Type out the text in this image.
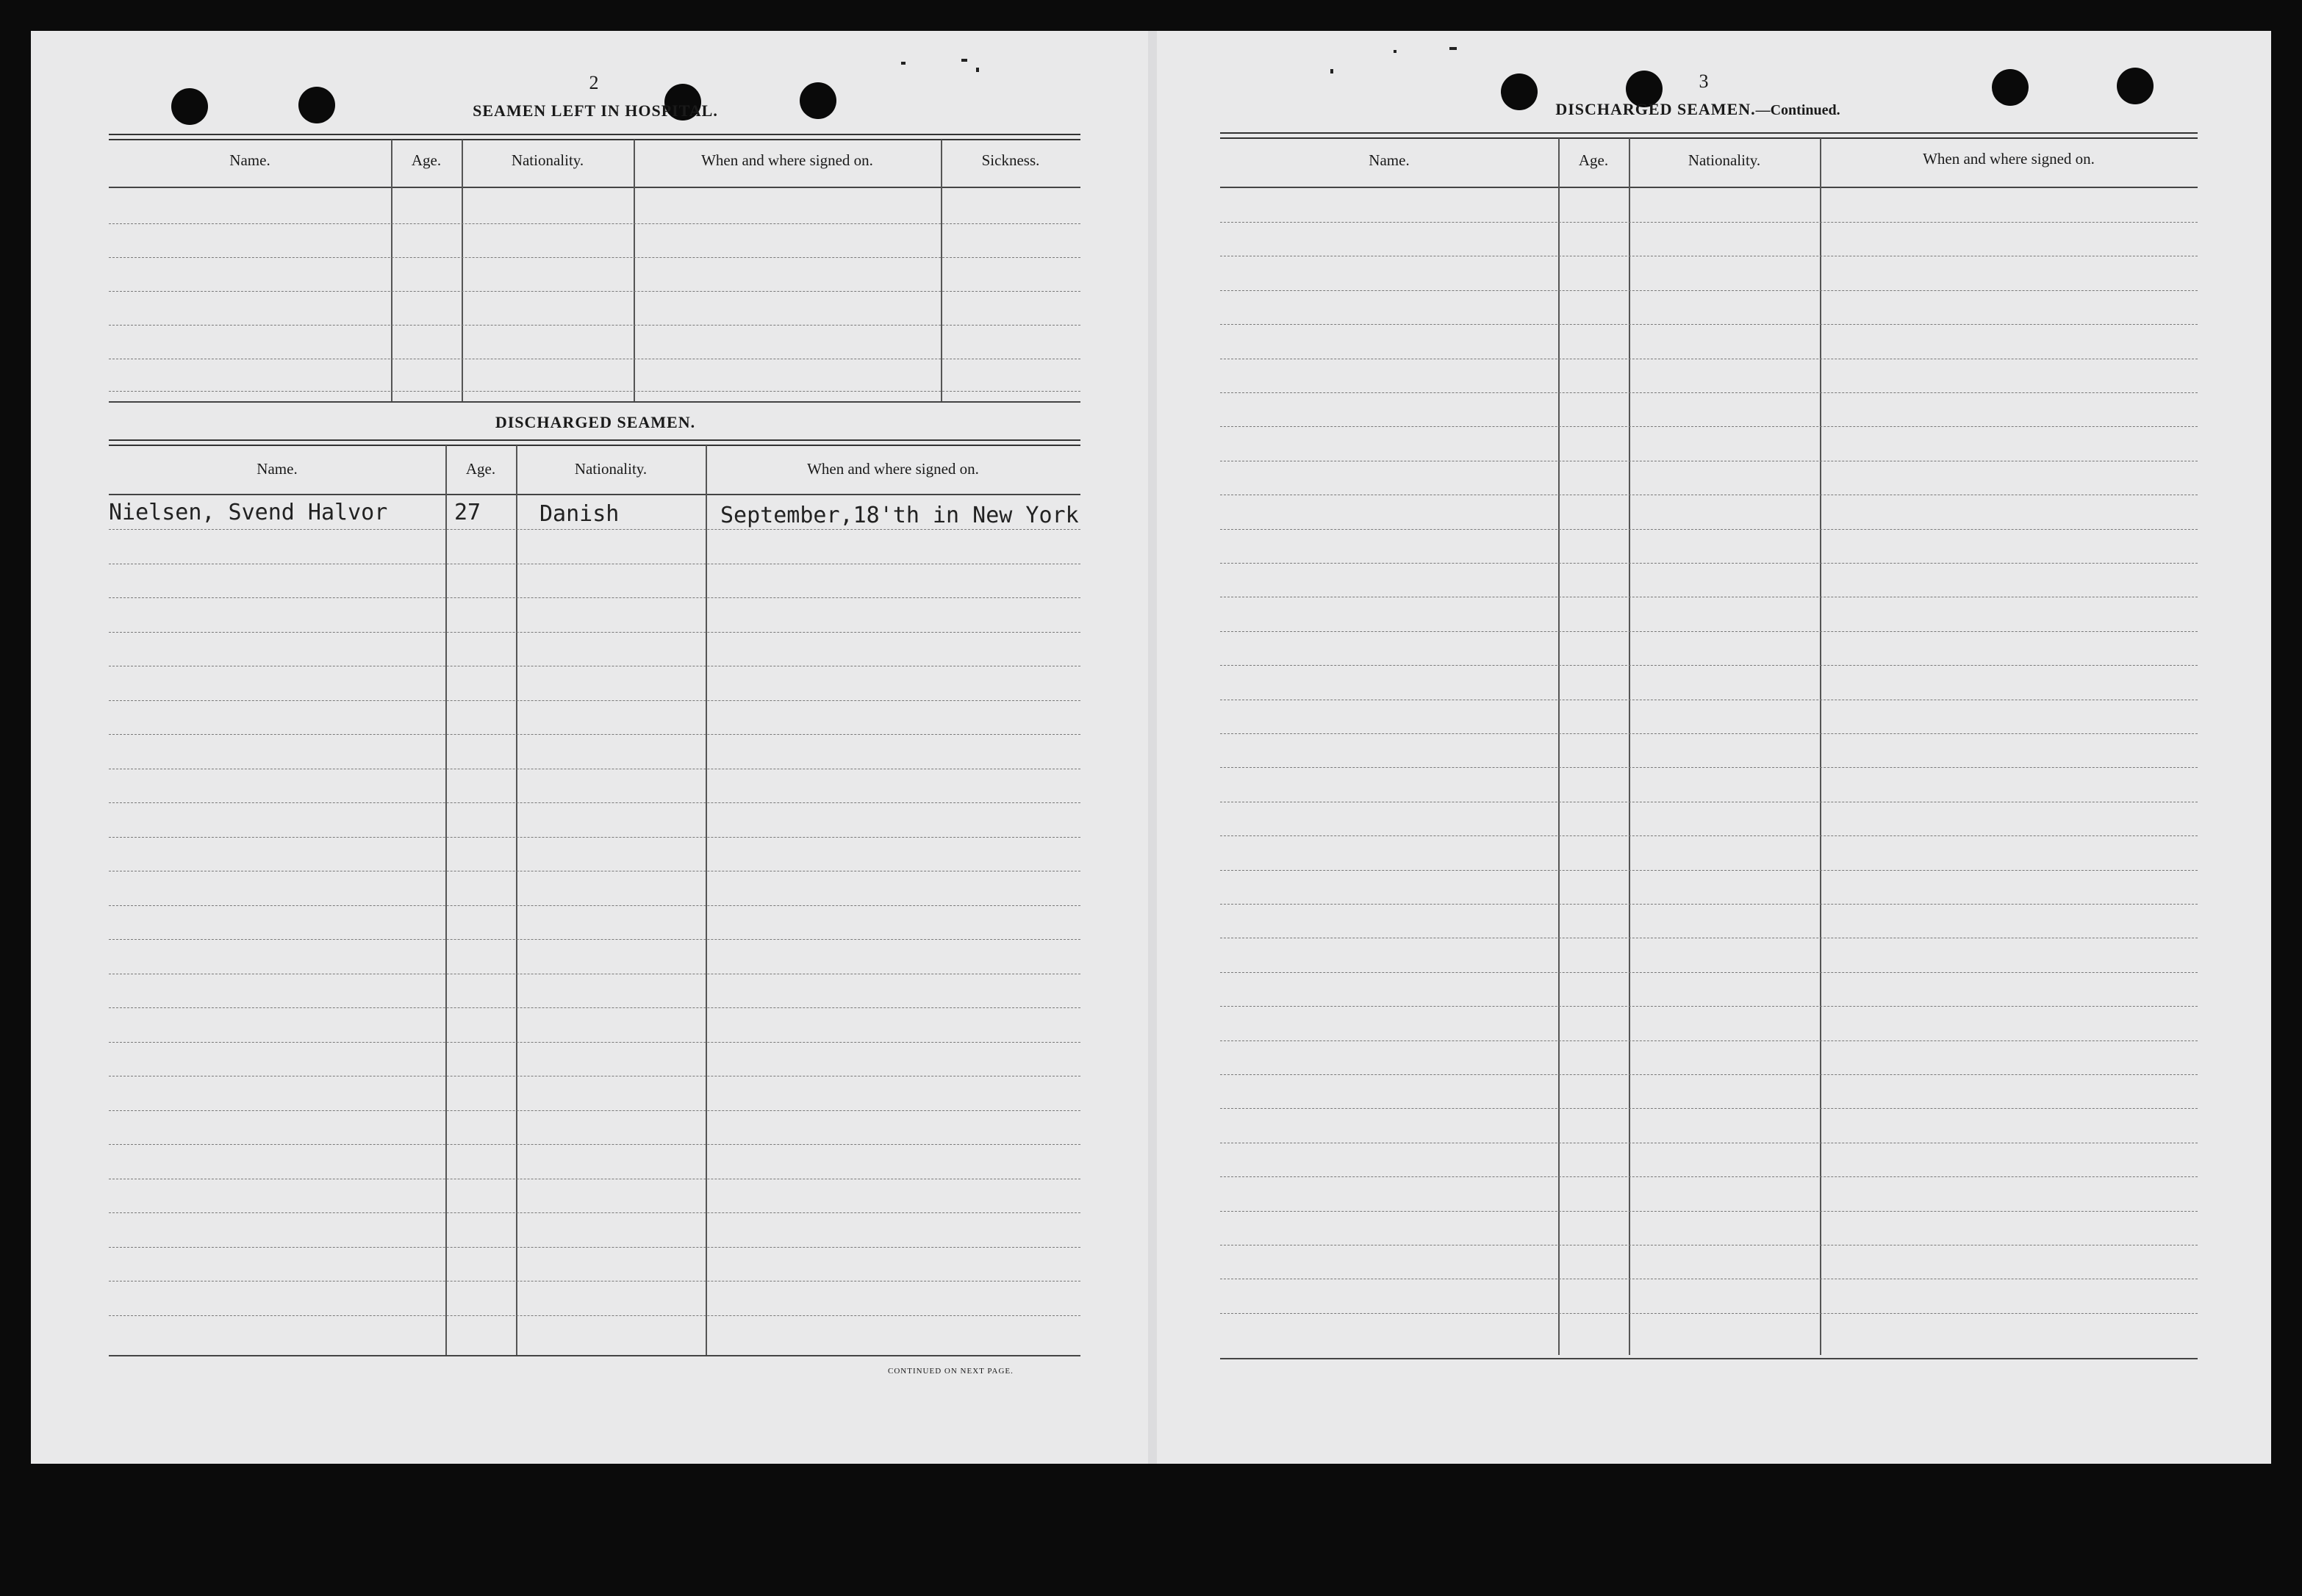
2
SEAMEN LEFT IN HOSPITAL.
Name.	Age.	Nationality.	When and where signed on.	Sickness.
DISCHARGED SEAMEN.
Name.	Age.	Nationality.	When and where signed on.
Nielsen, Svend Halvor	27	Danish	September,18'th in New York
CONTINUED ON NEXT PAGE.
3
DISCHARGED SEAMEN.—Continued.
Name.	Age.	Nationality.	When and where signed on.
